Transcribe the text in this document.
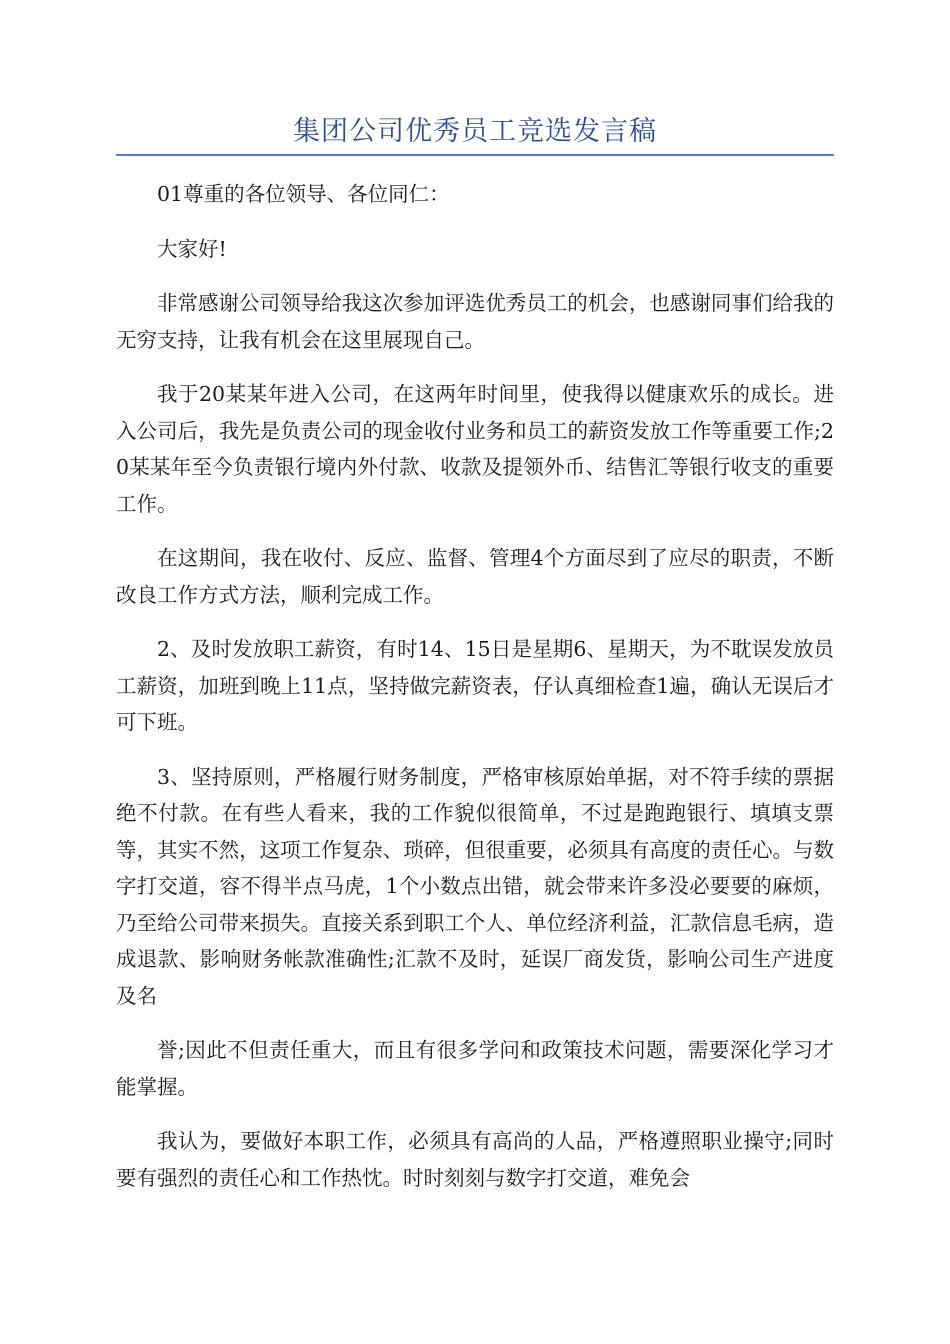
集团公司优秀员工竞选发言稿

01尊重的各位领导、各位同仁：

大家好!

非常感谢公司领导给我这次参加评选优秀员工的机会，也感谢同事们给我的无穷支持，让我有机会在这里展现自己。

我于20某某年进入公司，在这两年时间里，使我得以健康欢乐的成长。进入公司后，我先是负责公司的现金收付业务和员工的薪资发放工作等重要工作;20某某年至今负责银行境内外付款、收款及提领外币、结售汇等银行收支的重要工作。

在这期间，我在收付、反应、监督、管理4个方面尽到了应尽的职责，不断改良工作方式方法，顺利完成工作。

2、及时发放职工薪资，有时14、15日是星期6、星期天，为不耽误发放员工薪资，加班到晚上11点，坚持做完薪资表，仔认真细检查1遍，确认无误后才可下班。

3、坚持原则，严格履行财务制度，严格审核原始单据，对不符手续的票据绝不付款。在有些人看来，我的工作貌似很简单，不过是跑跑银行、填填支票等，其实不然，这项工作复杂、琐碎，但很重要，必须具有高度的责任心。与数字打交道，容不得半点马虎，1个小数点出错，就会带来许多没必要要的麻烦，乃至给公司带来损失。直接关系到职工个人、单位经济利益，汇款信息毛病，造成退款、影响财务帐款准确性;汇款不及时，延误厂商发货，影响公司生产进度及名

誉;因此不但责任重大，而且有很多学问和政策技术问题，需要深化学习才能掌握。

我认为，要做好本职工作，必须具有高尚的人品，严格遵照职业操守;同时要有强烈的责任心和工作热忱。时时刻刻与数字打交道，难免会
